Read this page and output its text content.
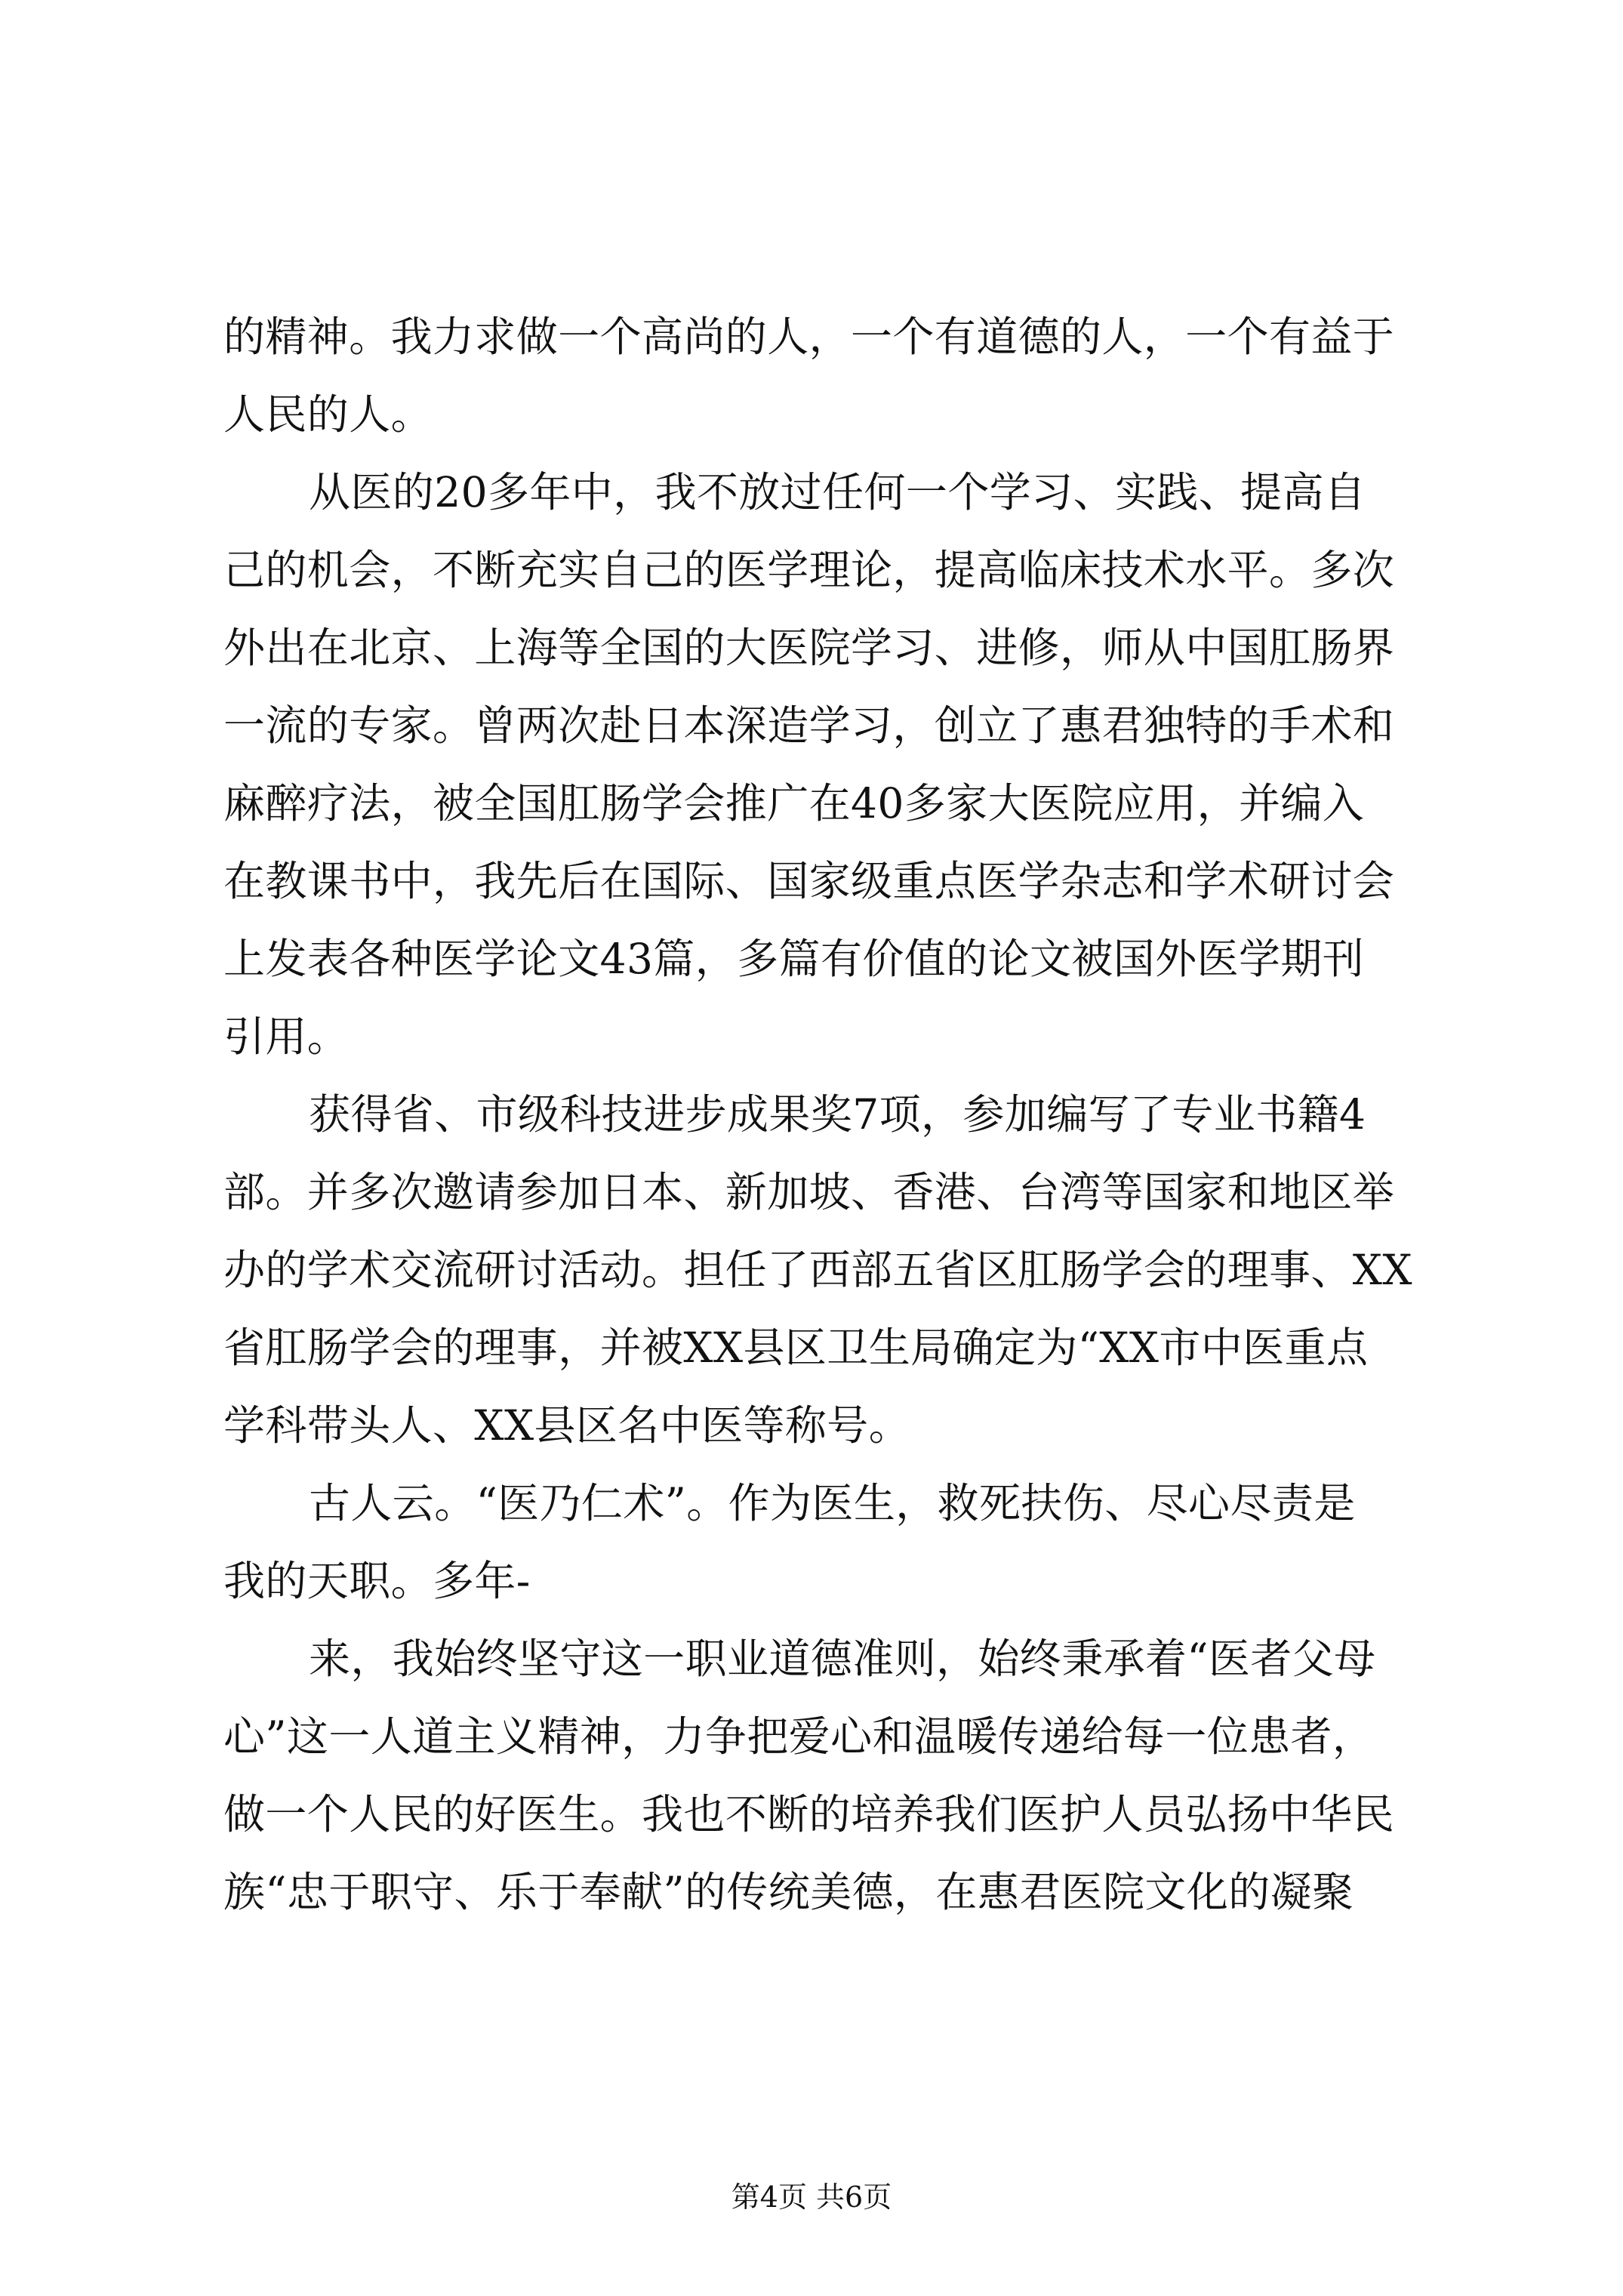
的精神。我力求做一个高尚的人，一个有道德的人，一个有益于
人民的人。
从医的20多年中，我不放过任何一个学习、实践、提高自
己的机会，不断充实自己的医学理论，提高临床技术水平。多次
外出在北京、上海等全国的大医院学习、进修，师从中国肛肠界
一流的专家。曾两次赴日本深造学习，创立了惠君独特的手术和
麻醉疗法，被全国肛肠学会推广在40多家大医院应用，并编入
在教课书中，我先后在国际、国家级重点医学杂志和学术研讨会
上发表各种医学论文43篇，多篇有价值的论文被国外医学期刊
引用。
获得省、市级科技进步成果奖7项，参加编写了专业书籍4
部。并多次邀请参加日本、新加坡、香港、台湾等国家和地区举
办的学术交流研讨活动。担任了西部五省区肛肠学会的理事、XX
省肛肠学会的理事，并被XX县区卫生局确定为“XX市中医重点
学科带头人、XX县区名中医等称号。
古人云。“医乃仁术”。作为医生，救死扶伤、尽心尽责是
我的天职。多年-
来，我始终坚守这一职业道德准则，始终秉承着“医者父母
心”这一人道主义精神，力争把爱心和温暖传递给每一位患者，
做一个人民的好医生。我也不断的培养我们医护人员弘扬中华民
族“忠于职守、乐于奉献”的传统美德，在惠君医院文化的凝聚
第4页 共6页
